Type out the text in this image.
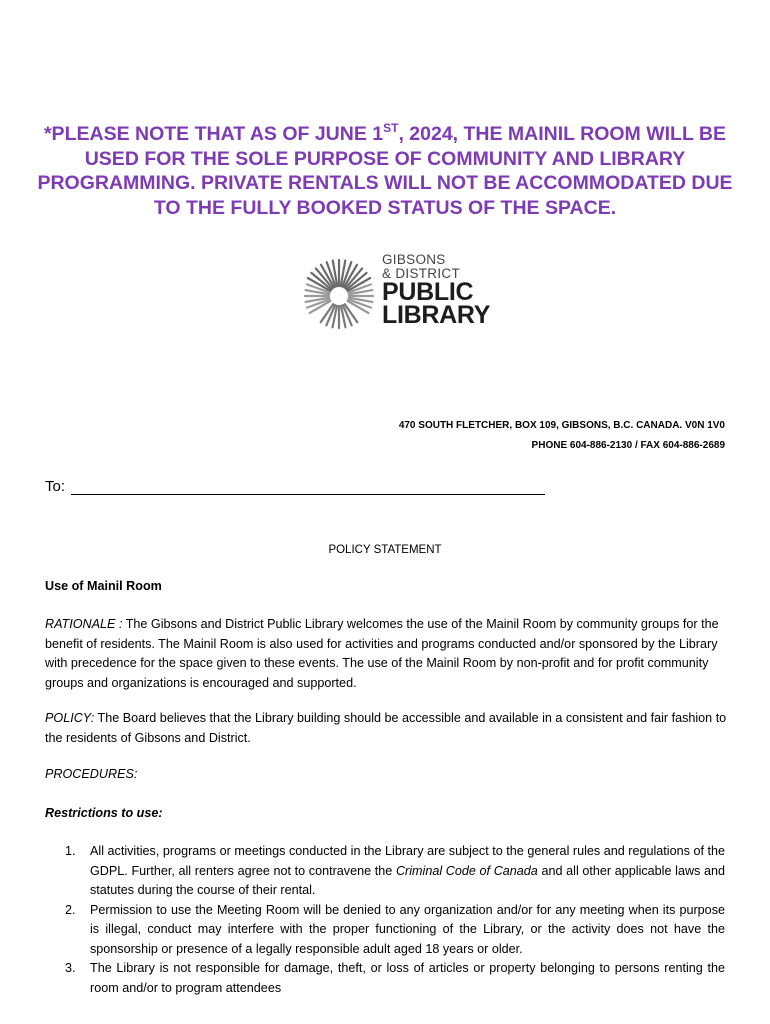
*PLEASE NOTE THAT AS OF JUNE 1ST, 2024, THE MAINIL ROOM WILL BE USED FOR THE SOLE PURPOSE OF COMMUNITY AND LIBRARY PROGRAMMING. PRIVATE RENTALS WILL NOT BE ACCOMMODATED DUE TO THE FULLY BOOKED STATUS OF THE SPACE.
GIBSONS
& DISTRICT
PUBLIC
LIBRARY
470 SOUTH FLETCHER, BOX 109, GIBSONS, B.C. CANADA. V0N 1V0
PHONE 604-886-2130 / FAX 604-886-2689
To:
POLICY STATEMENT
Use of Mainil Room
RATIONALE : The Gibsons and District Public Library welcomes the use of the Mainil Room by community groups for the benefit of residents. The Mainil Room is also used for activities and programs conducted and/or sponsored by the Library with precedence for the space given to these events. The use of the Mainil Room by non-profit and for profit community groups and organizations is encouraged and supported.
POLICY: The Board believes that the Library building should be accessible and available in a consistent and fair fashion to the residents of Gibsons and District.
PROCEDURES:
Restrictions to use:
1. All activities, programs or meetings conducted in the Library are subject to the general rules and regulations of the GDPL. Further, all renters agree not to contravene the Criminal Code of Canada and all other applicable laws and statutes during the course of their rental.
2. Permission to use the Meeting Room will be denied to any organization and/or for any meeting when its purpose is illegal, conduct may interfere with the proper functioning of the Library, or the activity does not have the sponsorship or presence of a legally responsible adult aged 18 years or older.
3. The Library is not responsible for damage, theft, or loss of articles or property belonging to persons renting the room and/or to program attendees
